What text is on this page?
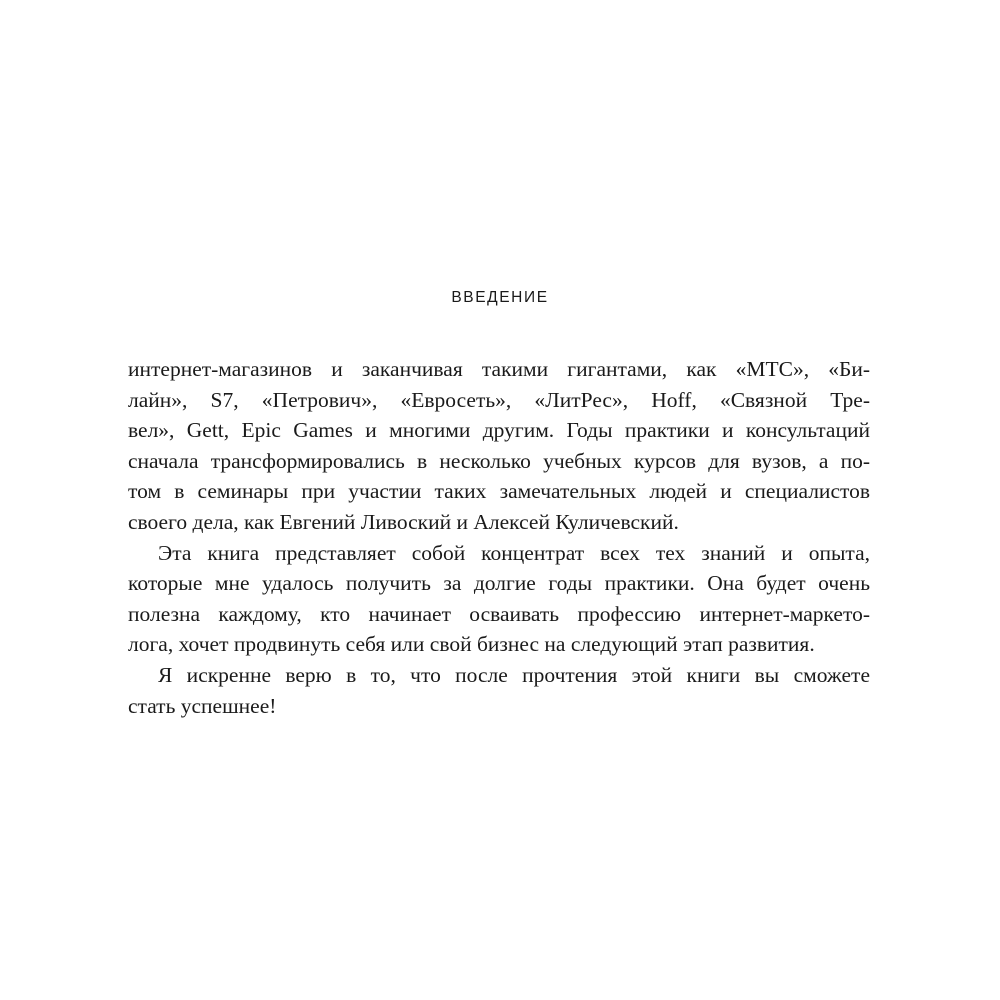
ВВЕДЕНИЕ
интернет-магазинов и заканчивая такими гигантами, как «МТС», «Би-
лайн», S7, «Петрович», «Евросеть», «ЛитРес», Hoff, «Связной Тре-
вел», Gett, Epic Games и многими другим. Годы практики и консультаций
сначала трансформировались в несколько учебных курсов для вузов, а по-
том в семинары при участии таких замечательных людей и специалистов
своего дела, как Евгений Ливоский и Алексей Куличевский.
Эта книга представляет собой концентрат всех тех знаний и опыта,
которые мне удалось получить за долгие годы практики. Она будет очень
полезна каждому, кто начинает осваивать профессию интернет-маркето-
лога, хочет продвинуть себя или свой бизнес на следующий этап развития.
Я искренне верю в то, что после прочтения этой книги вы сможете
стать успешнее!
